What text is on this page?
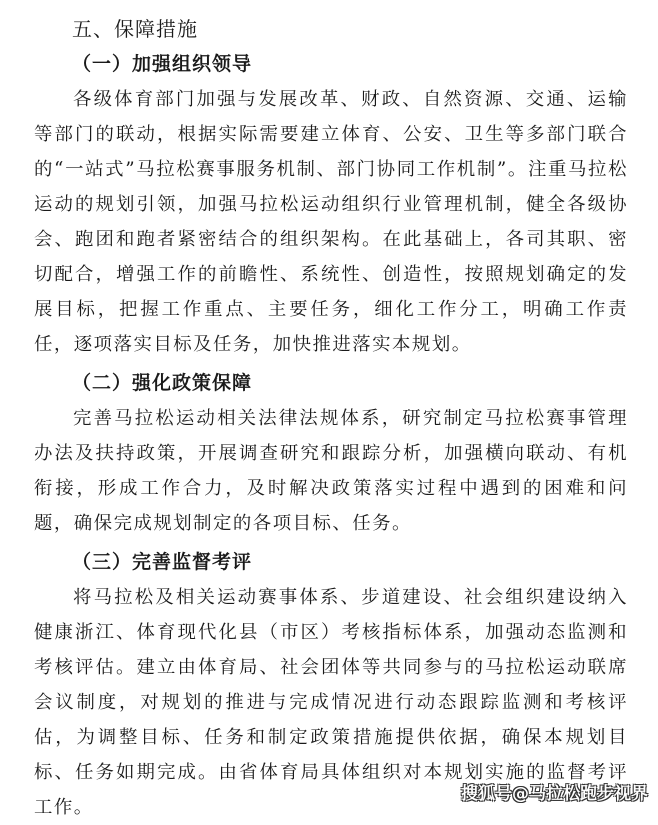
五、保障措施
（一）加强组织领导

各级体育部门加强与发展改革、财政、自然资源、交通、运输等部门的联动，根据实际需要建立体育、公安、卫生等多部门联合的“一站式”马拉松赛事服务机制、部门协同工作机制”。注重马拉松运动的规划引领，加强马拉松运动组织行业管理机制，健全各级协会、跑团和跑者紧密结合的组织架构。在此基础上，各司其职、密切配合，增强工作的前瞻性、系统性、创造性，按照规划确定的发展目标，把握工作重点、主要任务，细化工作分工，明确工作责任，逐项落实目标及任务，加快推进落实本规划。

（二）强化政策保障

完善马拉松运动相关法律法规体系，研究制定马拉松赛事管理办法及扶持政策，开展调查研究和跟踪分析，加强横向联动、有机衔接，形成工作合力，及时解决政策落实过程中遇到的困难和问题，确保完成规划制定的各项目标、任务。

（三）完善监督考评

将马拉松及相关运动赛事体系、步道建设、社会组织建设纳入健康浙江、体育现代化县（市区）考核指标体系，加强动态监测和考核评估。建立由体育局、社会团体等共同参与的马拉松运动联席会议制度，对规划的推进与完成情况进行动态跟踪监测和考核评估，为调整目标、任务和制定政策措施提供依据，确保本规划目标、任务如期完成。由省体育局具体组织对本规划实施的监督考评工作。

搜狐号@马拉松跑步视界
